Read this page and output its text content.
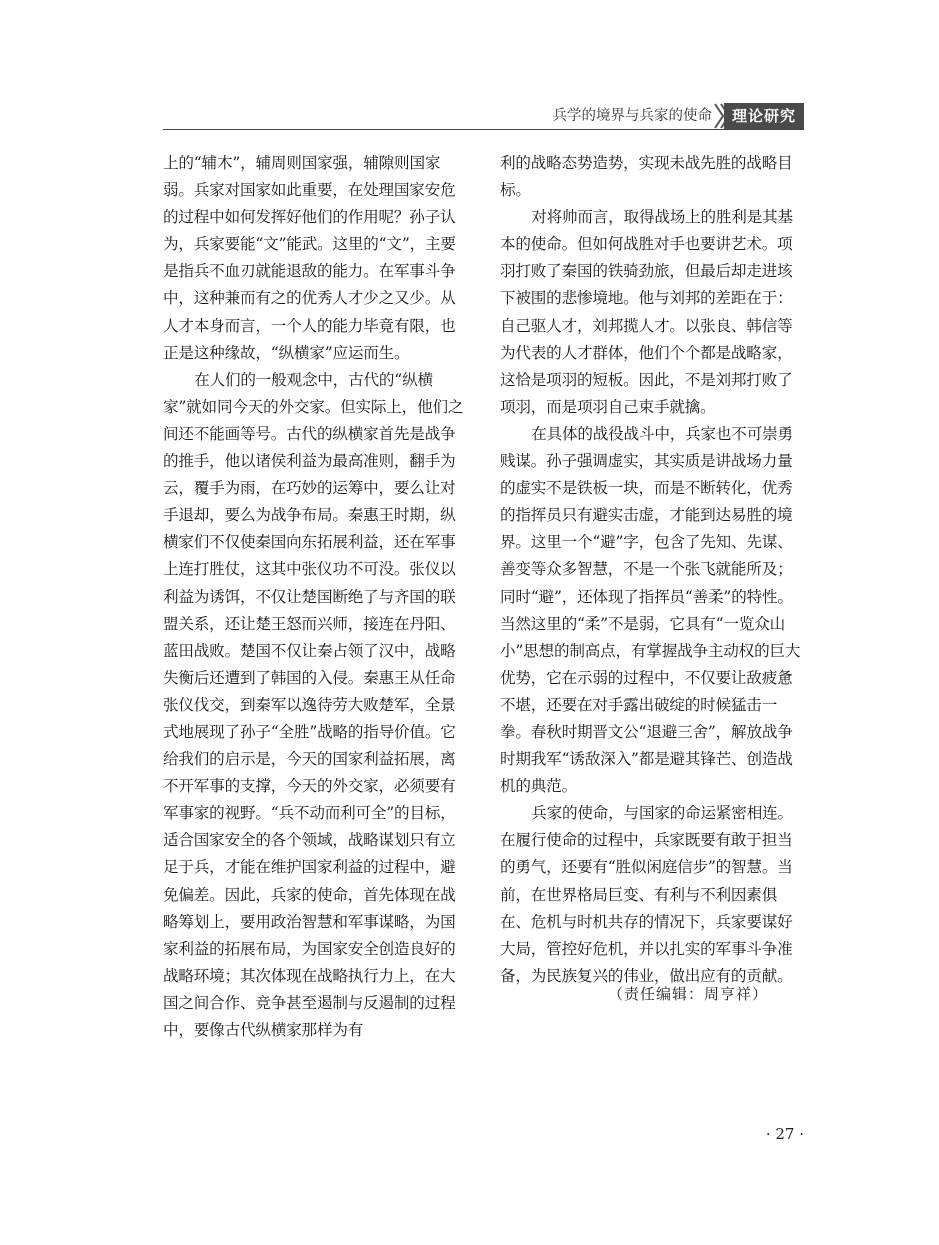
兵学的境界与兵家的使命	理论研究

上的“辅木”，辅周则国家强，辅隙则国家弱。兵家对国家如此重要，在处理国家安危的过程中如何发挥好他们的作用呢？孙子认为，兵家要能“文”能武。这里的“文”，主要是指兵不血刃就能退敌的能力。在军事斗争中，这种兼而有之的优秀人才少之又少。从人才本身而言，一个人的能力毕竟有限，也正是这种缘故，“纵横家”应运而生。

在人们的一般观念中，古代的“纵横家”就如同今天的外交家。但实际上，他们之间还不能画等号。古代的纵横家首先是战争的推手，他以诸侯利益为最高准则，翻手为云，覆手为雨，在巧妙的运筹中，要么让对手退却，要么为战争布局。秦惠王时期，纵横家们不仅使秦国向东拓展利益，还在军事上连打胜仗，这其中张仪功不可没。张仪以利益为诱饵，不仅让楚国断绝了与齐国的联盟关系，还让楚王怒而兴师，接连在丹阳、蓝田战败。楚国不仅让秦占领了汉中，战略失衡后还遭到了韩国的入侵。秦惠王从任命张仪伐交，到秦军以逸待劳大败楚军，全景式地展现了孙子“全胜”战略的指导价值。它给我们的启示是，今天的国家利益拓展，离不开军事的支撑，今天的外交家，必须要有军事家的视野。“兵不动而利可全”的目标，适合国家安全的各个领域，战略谋划只有立足于兵，才能在维护国家利益的过程中，避免偏差。因此，兵家的使命，首先体现在战略筹划上，要用政治智慧和军事谋略，为国家利益的拓展布局，为国家安全创造良好的战略环境；其次体现在战略执行力上，在大国之间合作、竞争甚至遏制与反遏制的过程中，要像古代纵横家那样为有

利的战略态势造势，实现未战先胜的战略目标。

对将帅而言，取得战场上的胜利是其基本的使命。但如何战胜对手也要讲艺术。项羽打败了秦国的铁骑劲旅，但最后却走进垓下被围的悲惨境地。他与刘邦的差距在于：自己驱人才，刘邦揽人才。以张良、韩信等为代表的人才群体，他们个个都是战略家，这恰是项羽的短板。因此，不是刘邦打败了项羽，而是项羽自己束手就擒。

在具体的战役战斗中，兵家也不可崇勇贱谋。孙子强调虚实，其实质是讲战场力量的虚实不是铁板一块，而是不断转化，优秀的指挥员只有避实击虚，才能到达易胜的境界。这里一个“避”字，包含了先知、先谋、善变等众多智慧，不是一个张飞就能所及；同时“避”，还体现了指挥员“善柔”的特性。当然这里的“柔”不是弱，它具有“一览众山小”思想的制高点，有掌握战争主动权的巨大优势，它在示弱的过程中，不仅要让敌疲惫不堪，还要在对手露出破绽的时候猛击一拳。春秋时期晋文公“退避三舍”，解放战争时期我军“诱敌深入”都是避其锋芒、创造战机的典范。

兵家的使命，与国家的命运紧密相连。在履行使命的过程中，兵家既要有敢于担当的勇气，还要有“胜似闲庭信步”的智慧。当前，在世界格局巨变、有利与不利因素俱在、危机与时机共存的情况下，兵家要谋好大局，管控好危机，并以扎实的军事斗争准备，为民族复兴的伟业，做出应有的贡献。

（责任编辑：周亨祥）
· 27 ·
